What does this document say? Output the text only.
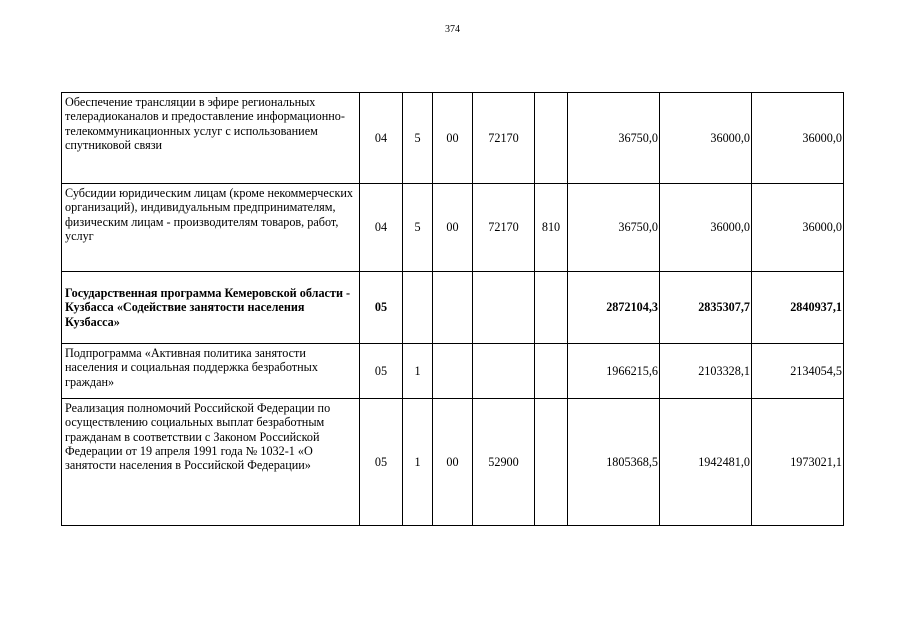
374
Обеспечение трансляции в эфире региональных телерадиоканалов и предоставление информационно-телекоммуникационных услуг с использованием спутниковой связи	04	5	00	72170		36750,0	36000,0	36000,0
Субсидии юридическим лицам (кроме некоммерческих организаций), индивидуальным предпринимателям, физическим лицам - производителям товаров, работ, услуг	04	5	00	72170	810	36750,0	36000,0	36000,0
Государственная программа Кемеровской области - Кузбасса «Содействие занятости населения Кузбасса»	05					2872104,3	2835307,7	2840937,1
Подпрограмма «Активная политика занятости населения и социальная поддержка безработных граждан»	05	1				1966215,6	2103328,1	2134054,5
Реализация полномочий Российской Федерации по осуществлению социальных выплат безработным гражданам в соответствии с Законом Российской Федерации от 19 апреля 1991 года № 1032-1 «О занятости населения в Российской Федерации»	05	1	00	52900		1805368,5	1942481,0	1973021,1
